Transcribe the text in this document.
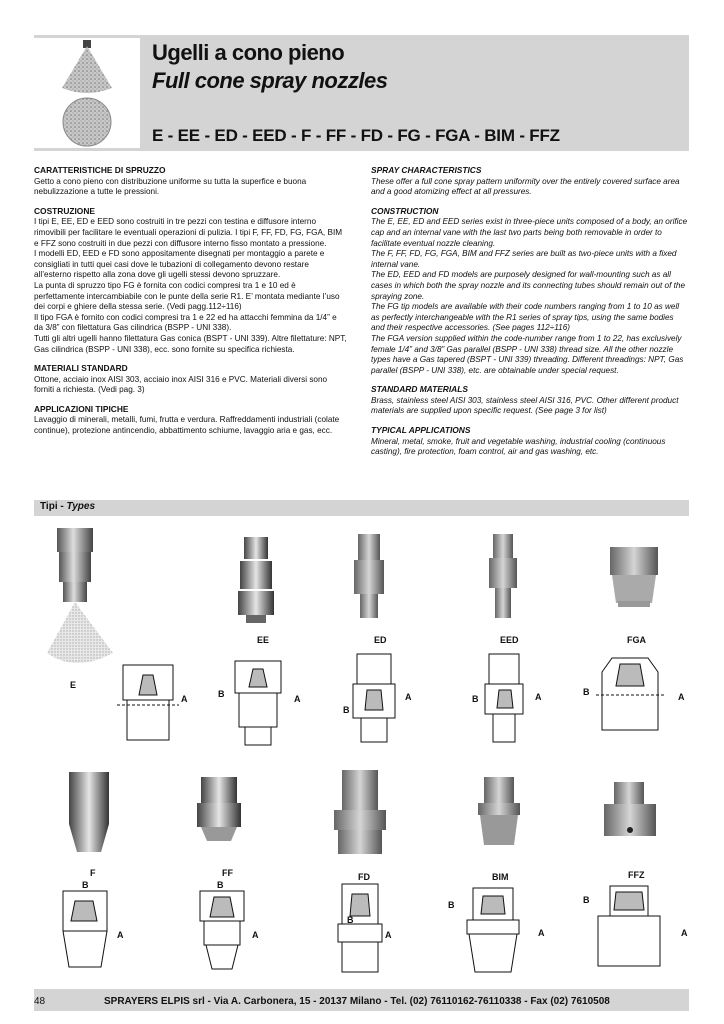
Ugelli a cono pieno
Full cone spray nozzles
E - EE - ED - EED - F - FF - FD - FG - FGA - BIM - FFZ
CARATTERISTICHE DI SPRUZZO

Getto a cono pieno con distribuzione uniforme su tutta la superfice e buona
nebulizzazione a tutte le pressioni.

COSTRUZIONE

I tipi E, EE, ED e EED sono costruiti in tre pezzi con testina e diffusore interno
rimovibili per facilitare le eventuali operazioni di pulizia. I tipi F, FF, FD, FG, FGA, BIM
e FFZ sono costruiti in due pezzi con diffusore interno fisso montato a pressione.
I modelli ED, EED e FD sono appositamente disegnati per montaggio a parete e
consigliati in tutti quei casi dove le tubazioni di collegamento devono restare
all’esterno rispetto alla zona dove gli ugelli stessi devono spruzzare.
La punta di spruzzo tipo FG è fornita con codici compresi tra 1 e 10 ed è
perfettamente intercambiabile con le punte della serie R1. E’ montata mediante l’uso
dei corpi e ghiere della stessa serie. (Vedi pagg.112÷116)
Il tipo FGA è fornito con codici compresi tra 1 e 22 ed ha attacchi femmina da 1/4” e
da 3/8” con filettatura Gas cilindrica (BSPP - UNI 338).
Tutti gli altri ugelli hanno filettatura Gas conica (BSPT - UNI 339). Altre filettature: NPT,
Gas cilindrica (BSPP - UNI 338), ecc. sono fornite su specifica richiesta.

MATERIALI STANDARD

Ottone, acciaio inox AISI 303, acciaio inox AISI 316 e PVC. Materiali diversi sono
forniti a richiesta. (Vedi pag. 3)

APPLICAZIONI TIPICHE

Lavaggio di minerali, metalli, fumi, frutta e verdura. Raffreddamenti industriali (colate
continue), protezione antincendio, abbattimento schiume, lavaggio aria e gas, ecc.

SPRAY CHARACTERISTICS

These offer a full cone spray pattern uniformity over the entirely covered surface area
and a good atomizing effect at all pressures.

CONSTRUCTION

The E, EE, ED and EED series exist in three-piece units composed of a body, an orifice
cap and an internal vane with the last two parts being both removable in order to
facilitate eventual nozzle cleaning.
The F, FF, FD, FG, FGA, BIM and FFZ series are built as two-piece units with a fixed
internal vane.
The ED, EED and FD models are purposely designed for wall-mounting such as all
cases in which both the spray nozzle and its connecting tubes should remain out of the
spraying zone.
The FG tip models are available with their code numbers ranging from 1 to 10 as well
as perfectly interchangeable with the R1 series of spray tips, using the same bodies
and their respective accessories. (See pages 112÷116)
The FGA version supplied within the code-number range from 1 to 22, has exclusively
female 1/4” and 3/8” Gas parallel (BSPP - UNI 338) thread size. All the other nozzle
types have a Gas tapered (BSPT - UNI 339) threading. Different threadings: NPT, Gas
parallel (BSPP - UNI 338), etc. are obtainable under special request.

STANDARD MATERIALS

Brass, stainless steel AISI 303, stainless steel AISI 316, PVC. Other different product
materials are supplied upon specific request. (See page 3 for list)

TYPICAL APPLICATIONS

Mineral, metal, smoke, fruit and vegetable washing, industrial cooling (continuous
casting), fire protection, foam control, air and gas washing, etc.

Tipi - Types
EE	ED	EED	FGA
E
A	A
B	A
B
A
B	A
B
F	FF	FD	BIM	FFZ
B
A
B
A	A
B
A
B
A
B
48	SPRAYERS ELPIS srl - Via A. Carbonera, 15 - 20137 Milano - Tel. (02) 76110162-76110338 - Fax (02) 7610508
